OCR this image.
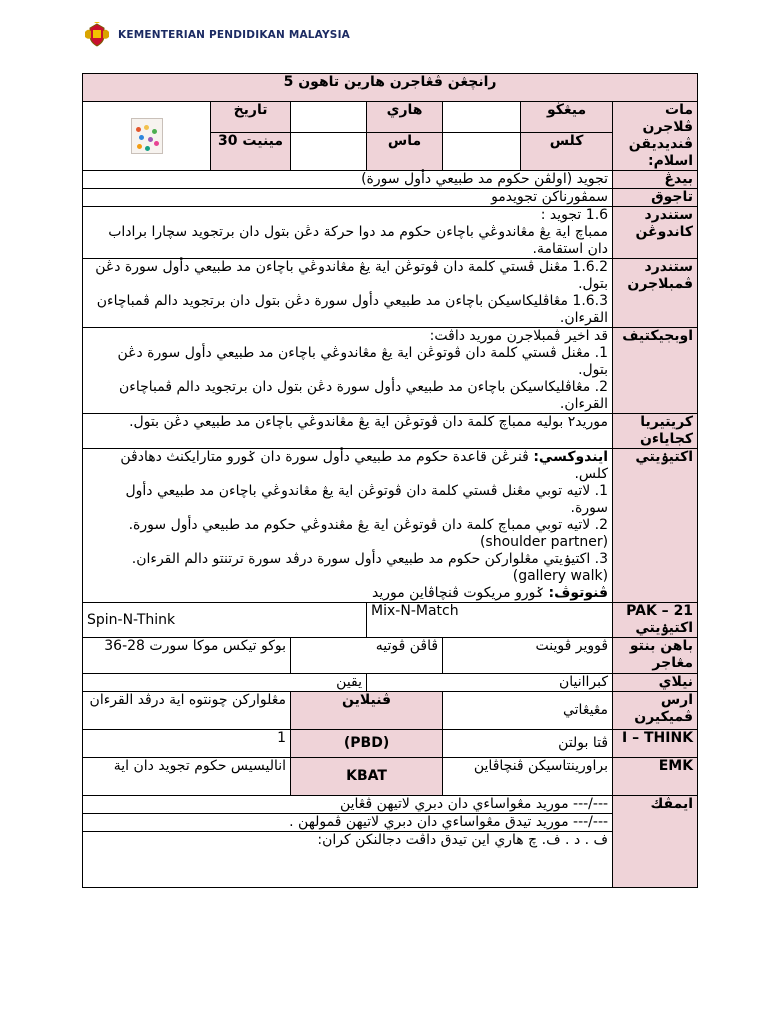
KEMENTERIAN PENDIDIKAN MALAYSIA
رانچڠن ڤڠاجرن هارين تاهون 5						
مات ڤلاجرن ڤنديديقن اسلام:	ميڠڬو		هاري		تاريخ	

	كلس		ماس		مينيت 30	
بيدڠ	تجويد (اولڤن حكوم مد طبيعي دأول سورة)					
تاجوق	سمڤورناكن تجويدمو					
ستندرد كاندوڠن	1.6 تجويد :
ممباچ اية يڠ مڠاندوڠي باچاءن حكوم مد دوا حركة دڠن بتول دان برتجويد سچارا براداب دان استقامة.					

ستندرد ڤمبلاجرن	1.6.2 مڠنل ڤستي كلمة دان ڤوتوڠن اية يڠ مڠاندوڠي باچاءن مد طبيعي دأول سورة دڠن بتول.
1.6.3 مڠاڤليكاسيكن باچاءن مد طبيعي دأول سورة دڠن بتول دان برتجويد دالم ڤمباچاءن القرءان.					

اوبجيكتيف	قد اخير ڤمبلاجرن موريد داڤت:
1. مڠنل ڤستي كلمة دان ڤوتوڠن اية يڠ مڠاندوڠي باچاءن مد طبيعي دأول سورة دڠن بتول.
2. مڠاڤليكاسيكن باچاءن مد طبيعي دأول سورة دڠن بتول دان برتجويد دالم ڤمباچاءن القرءان.					

كريتيريا كجاياءن	موريد٢ بوليه ممباچ كلمة دان ڤوتوڠن اية يڠ مڠاندوڠي باچاءن مد طبيعي دڠن بتول.					
اكتيۏيتي	ايندوكسي: ڤنرڠن قاعدة حكوم مد طبيعي دأول سورة دان ݢورو متارايكنث دهادڤن كلس.
1. لاتيه توبي مڠنل ڤستي كلمة دان ڤوتوڠن اية يڠ مڠاندوڠي باچاءن مد طبيعي دأول سورة.
2. لاتيه توبي ممباچ كلمة دان ڤوتوڠن اية يڠ مڠندوڠي حكوم مد طبيعي دأول سورة. (shoulder partner)
3. اكتيۏيتي مڠلواركن حكوم مد طبيعي دأول سورة درڤد سورة ترتنتو دالم القرءان. (gallery walk)
ڤنوتوڤ: ݢورو مريكوت ڤنچاڤاين موريد					

21 – PAK اكتيۏيتي	Mix-N-Match			Spin-N-Think		
باهن بنتو مڠاجر	ڤووير ڤوينت		ڤاڤن ڤوتيه		بوكو تيكس موكا سورت 28-36	
نيلاي	كبراانيان			يقين		
ارس ڤميكيرن	مڠيڠاتي		ڤنيلاين		مڠلواركن چونتوه اية درڤد القرءان	
I – THINK	ڤتا بولتن		(PBD)		1	
EMK	براورينتاسيكن ڤنچاڤاين		KBAT		اناليسيس حكوم تجويد دان اية	
ايمڤك	---/--- موريد مڠواساءي دان دبري لاتيهن ڤڠاين
---/--- موريد تيدق مڠواساءي دان دبري لاتيهن ڤمولهن .
ف . د . ف. چ هاري اين تيدق داڤت دجالنكن كران:					
